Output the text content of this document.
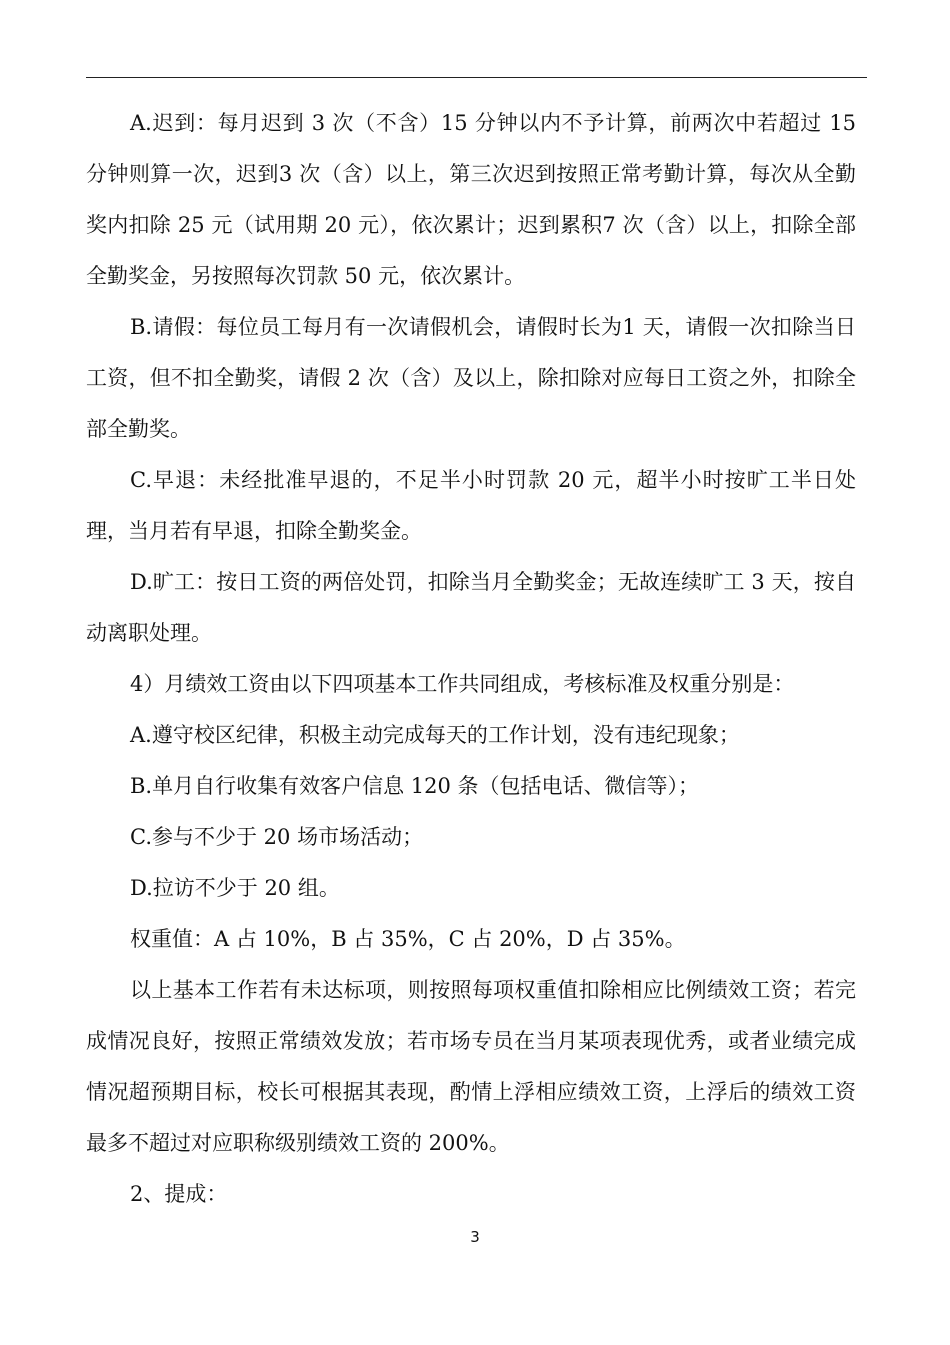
A.迟到：每月迟到 3 次（不含）15 分钟以内不予计算，前两次中若超过 15 分钟则算一次，迟到3 次（含）以上，第三次迟到按照正常考勤计算，每次从全勤奖内扣除 25 元（试用期 20 元），依次累计；迟到累积7 次（含）以上，扣除全部全勤奖金，另按照每次罚款 50 元，依次累计。

B.请假：每位员工每月有一次请假机会，请假时长为1 天，请假一次扣除当日工资，但不扣全勤奖，请假 2 次（含）及以上，除扣除对应每日工资之外，扣除全部全勤奖。

C.早退：未经批准早退的，不足半小时罚款 20 元，超半小时按旷工半日处理，当月若有早退，扣除全勤奖金。

D.旷工：按日工资的两倍处罚，扣除当月全勤奖金；无故连续旷工 3 天，按自动离职处理。

4）月绩效工资由以下四项基本工作共同组成，考核标准及权重分别是：

A.遵守校区纪律，积极主动完成每天的工作计划，没有违纪现象；

B.单月自行收集有效客户信息 120 条（包括电话、微信等）；

C.参与不少于 20 场市场活动；

D.拉访不少于 20 组。

权重值：A 占 10%，B 占 35%，C 占 20%，D 占 35%。

以上基本工作若有未达标项，则按照每项权重值扣除相应比例绩效工资；若完成情况良好，按照正常绩效发放；若市场专员在当月某项表现优秀，或者业绩完成情况超预期目标，校长可根据其表现，酌情上浮相应绩效工资，上浮后的绩效工资最多不超过对应职称级别绩效工资的 200%。

2、提成：

3
